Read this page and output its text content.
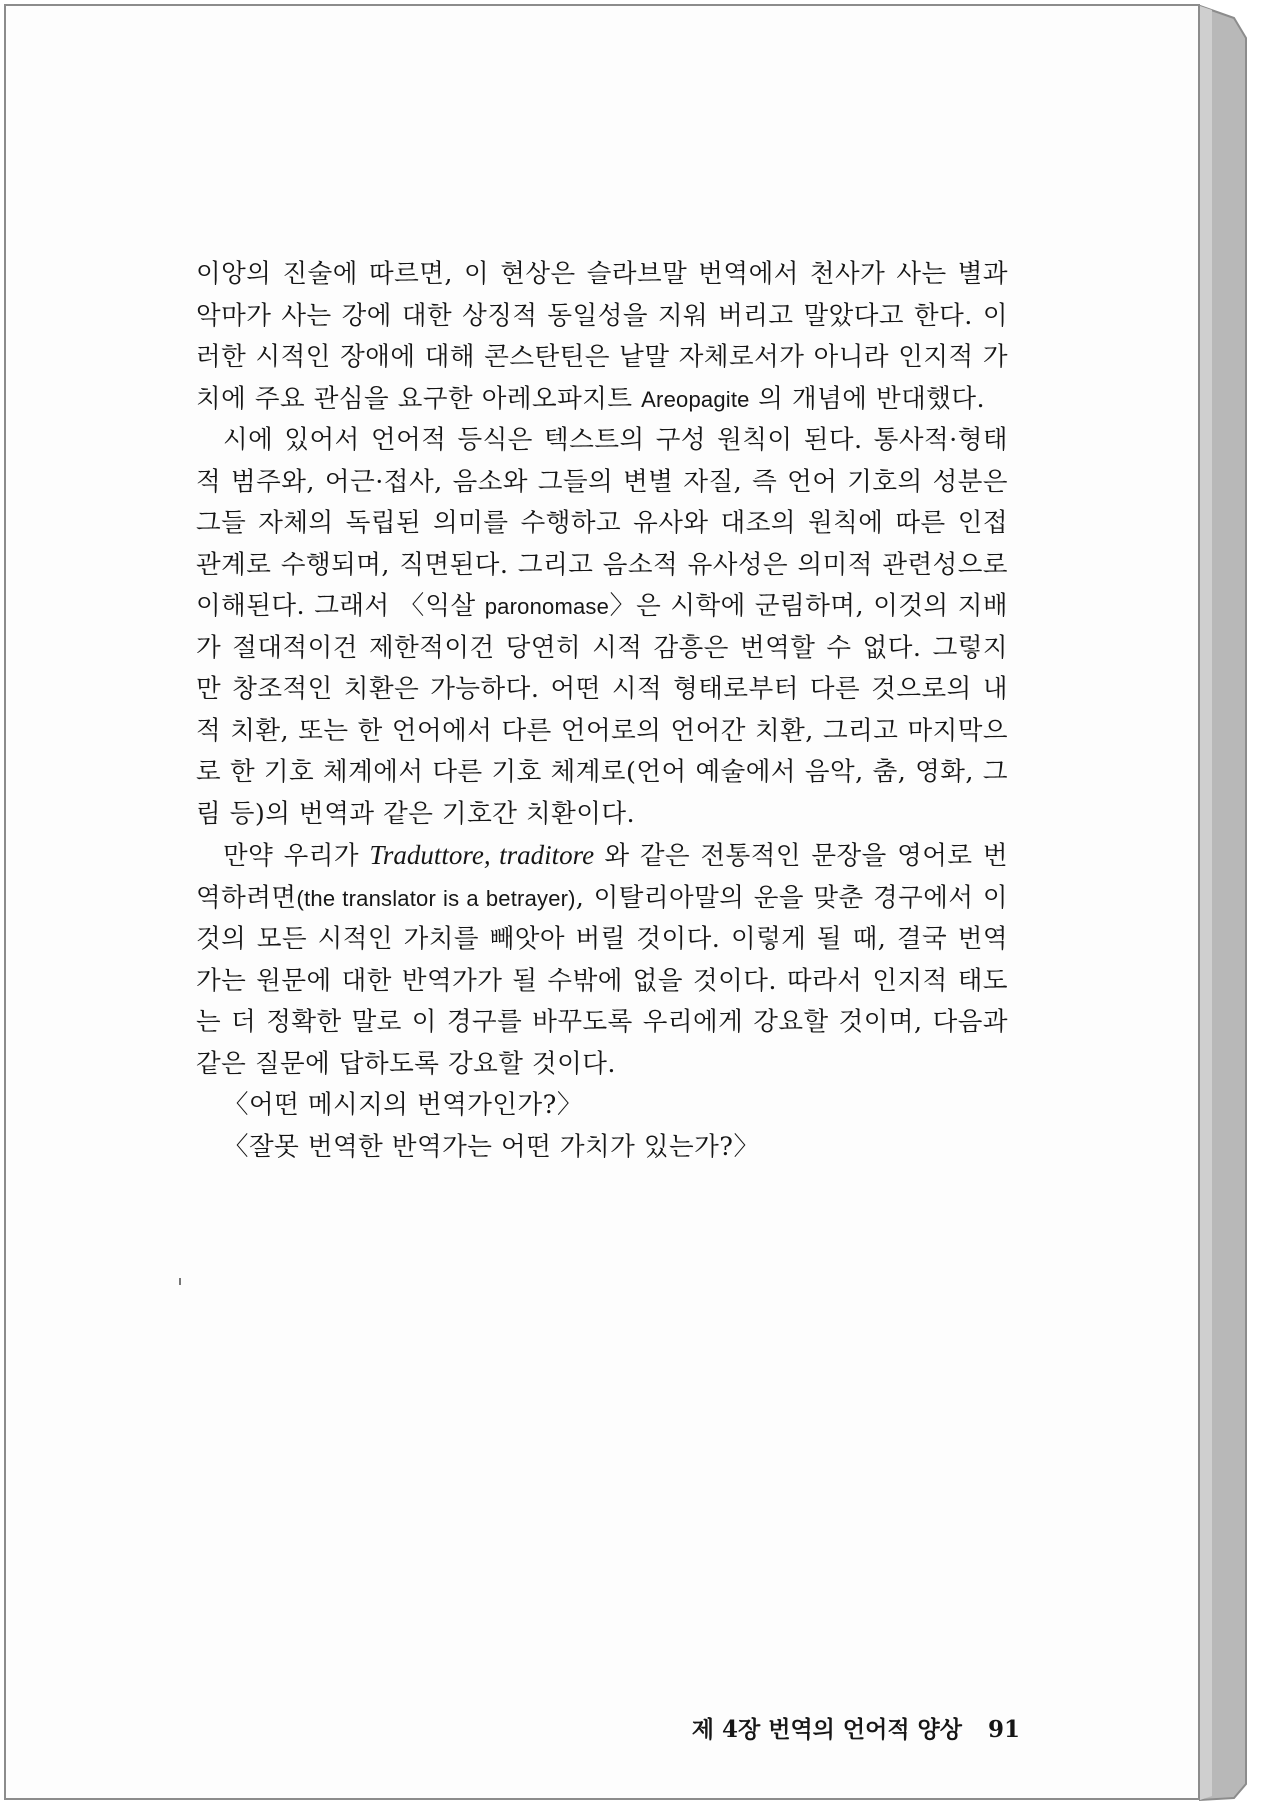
이앙의 진술에 따르면, 이 현상은 슬라브말 번역에서 천사가 사는 별과 악마가 사는 강에 대한 상징적 동일성을 지워 버리고 말았다고 한다. 이러한 시적인 장애에 대해 콘스탄틴은 낱말 자체로서가 아니라 인지적 가치에 주요 관심을 요구한 아레오파지트 Areopagite 의 개념에 반대했다.

시에 있어서 언어적 등식은 텍스트의 구성 원칙이 된다. 통사적·형태적 범주와, 어근·접사, 음소와 그들의 변별 자질, 즉 언어 기호의 성분은 그들 자체의 독립된 의미를 수행하고 유사와 대조의 원칙에 따른 인접 관계로 수행되며, 직면된다. 그리고 음소적 유사성은 의미적 관련성으로 이해된다. 그래서 〈익살 paronomase〉은 시학에 군림하며, 이것의 지배가 절대적이건 제한적이건 당연히 시적 감흥은 번역할 수 없다. 그렇지만 창조적인 치환은 가능하다. 어떤 시적 형태로부터 다른 것으로의 내적 치환, 또는 한 언어에서 다른 언어로의 언어간 치환, 그리고 마지막으로 한 기호 체계에서 다른 기호 체계로(언어 예술에서 음악, 춤, 영화, 그림 등)의 번역과 같은 기호간 치환이다.

만약 우리가 Traduttore, traditore 와 같은 전통적인 문장을 영어로 번역하려면(the translator is a betrayer), 이탈리아말의 운을 맞춘 경구에서 이것의 모든 시적인 가치를 빼앗아 버릴 것이다. 이렇게 될 때, 결국 번역가는 원문에 대한 반역가가 될 수밖에 없을 것이다. 따라서 인지적 태도는 더 정확한 말로 이 경구를 바꾸도록 우리에게 강요할 것이며, 다음과 같은 질문에 답하도록 강요할 것이다.

〈어떤 메시지의 번역가인가?〉

〈잘못 번역한 반역가는 어떤 가치가 있는가?〉

제 4장 번역의 언어적 양상 91
